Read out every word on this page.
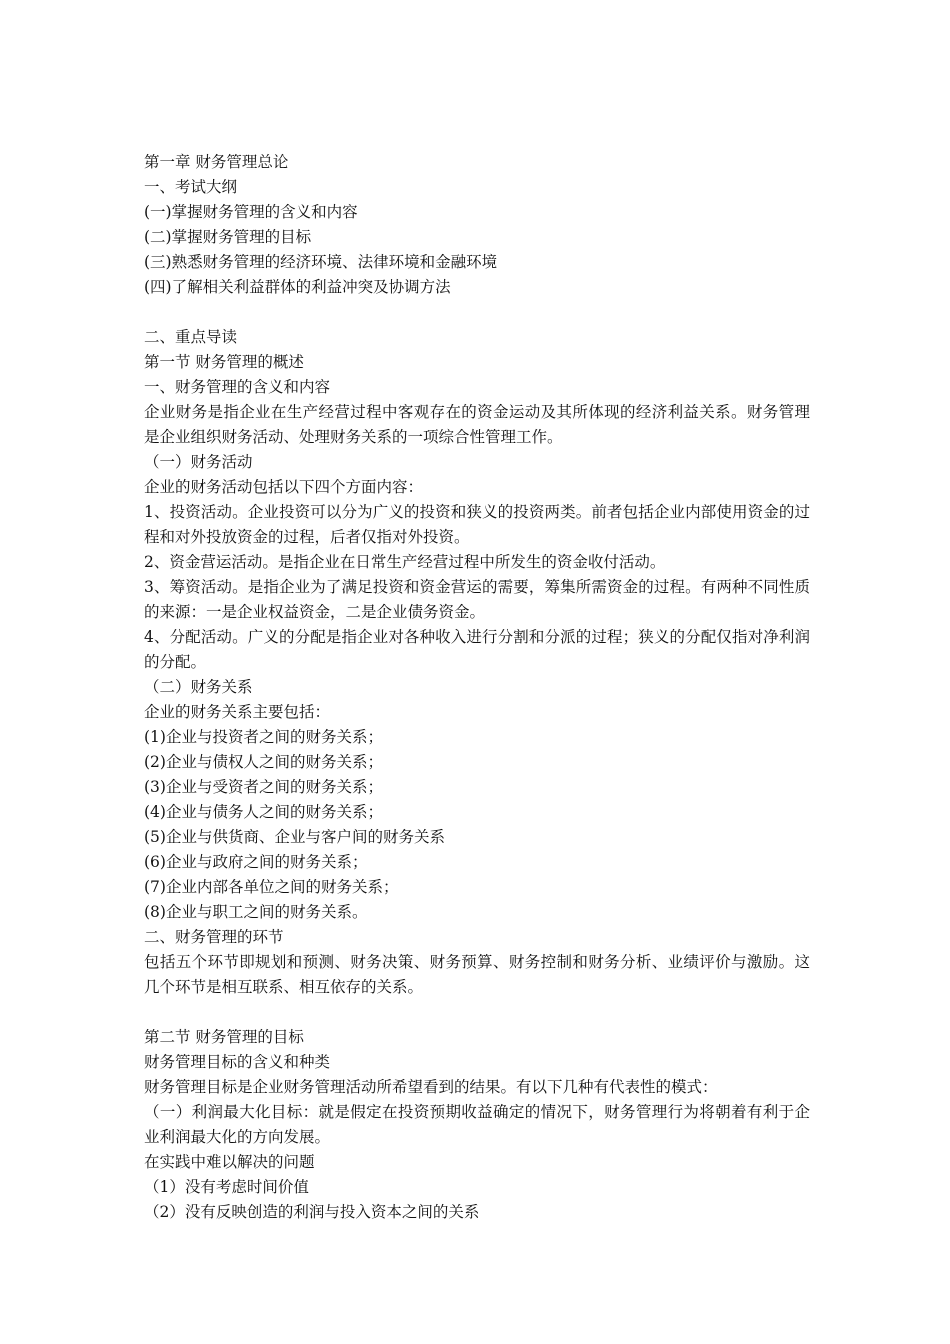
第一章 财务管理总论
一、考试大纲
(一)掌握财务管理的含义和内容
(二)掌握财务管理的目标
(三)熟悉财务管理的经济环境、法律环境和金融环境
(四)了解相关利益群体的利益冲突及协调方法
二、重点导读
第一节 财务管理的概述
一、财务管理的含义和内容
企业财务是指企业在生产经营过程中客观存在的资金运动及其所体现的经济利益关系。财务管理是企业组织财务活动、处理财务关系的一项综合性管理工作。
（一）财务活动
企业的财务活动包括以下四个方面内容：
1、投资活动。企业投资可以分为广义的投资和狭义的投资两类。前者包括企业内部使用资金的过程和对外投放资金的过程，后者仅指对外投资。
2、资金营运活动。是指企业在日常生产经营过程中所发生的资金收付活动。
3、筹资活动。是指企业为了满足投资和资金营运的需要，筹集所需资金的过程。有两种不同性质的来源：一是企业权益资金，二是企业债务资金。
4、分配活动。广义的分配是指企业对各种收入进行分割和分派的过程；狭义的分配仅指对净利润的分配。
（二）财务关系
企业的财务关系主要包括：
(1)企业与投资者之间的财务关系；
(2)企业与债权人之间的财务关系；
(3)企业与受资者之间的财务关系；
(4)企业与债务人之间的财务关系；
(5)企业与供货商、企业与客户间的财务关系
(6)企业与政府之间的财务关系；
(7)企业内部各单位之间的财务关系；
(8)企业与职工之间的财务关系。
二、财务管理的环节
包括五个环节即规划和预测、财务决策、财务预算、财务控制和财务分析、业绩评价与激励。这几个环节是相互联系、相互依存的关系。
第二节 财务管理的目标
财务管理目标的含义和种类
财务管理目标是企业财务管理活动所希望看到的结果。有以下几种有代表性的模式：
（一）利润最大化目标：就是假定在投资预期收益确定的情况下，财务管理行为将朝着有利于企业利润最大化的方向发展。
在实践中难以解决的问题
（1）没有考虑时间价值
（2）没有反映创造的利润与投入资本之间的关系
